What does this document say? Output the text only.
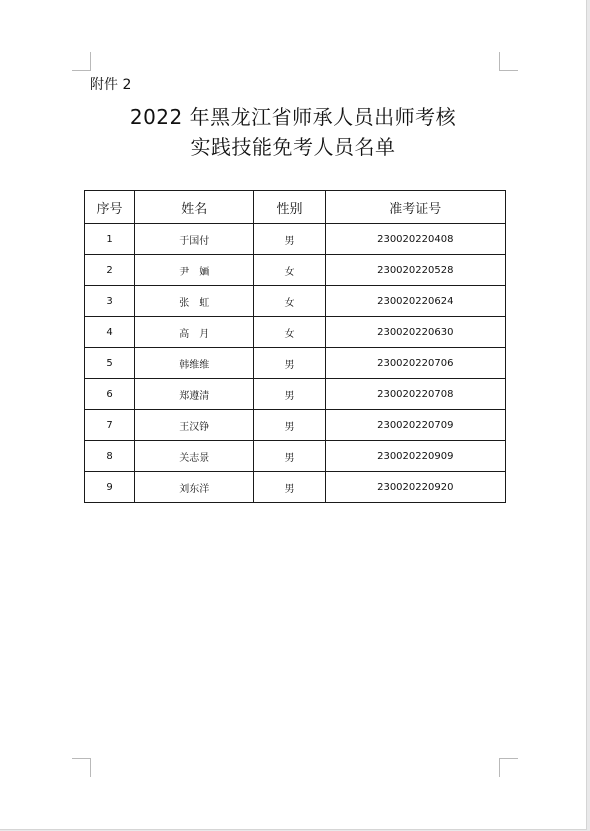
附件 2
2022 年黑龙江省师承人员出师考核
实践技能免考人员名单
序号	姓名	性别	准考证号
1	于国付	男	230020220408
2	尹　婳	女	230020220528
3	张　虹	女	230020220624
4	高　月	女	230020220630
5	韩维维	男	230020220706
6	郑遵清	男	230020220708
7	王汉铮	男	230020220709
8	关志景	男	230020220909
9	刘东洋	男	230020220920
